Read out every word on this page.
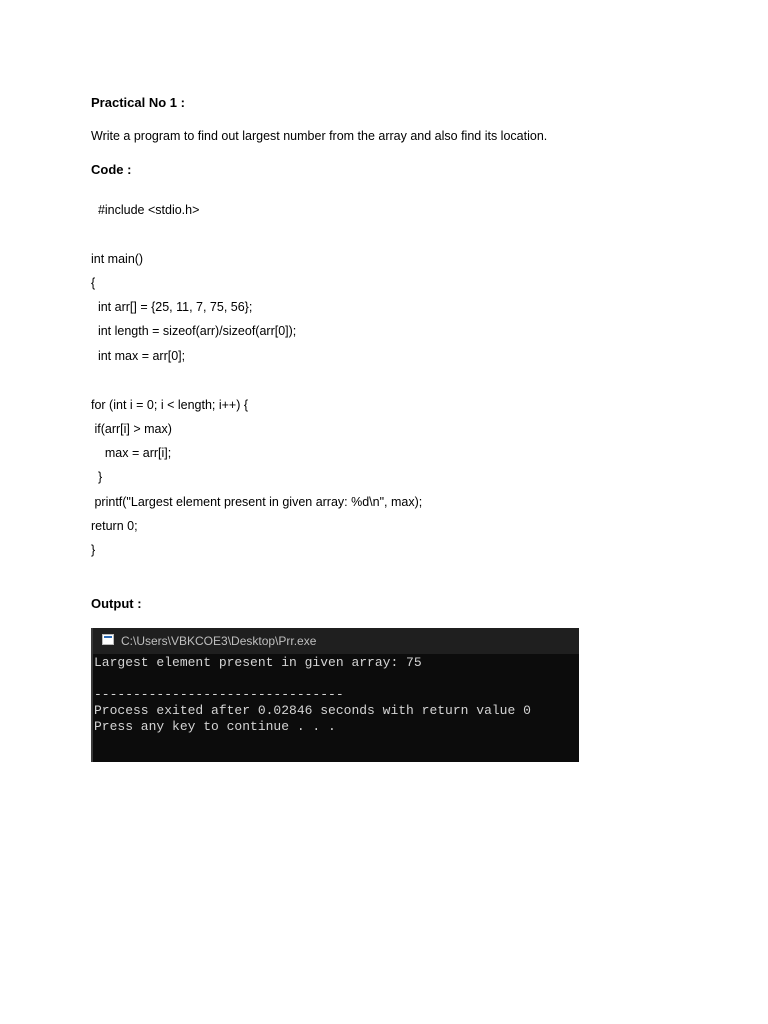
Practical No 1 :
Write a program to find out largest number from the array and also find its location.
Code :
#include <stdio.h>
int main()
{
int arr[] = {25, 11, 7, 75, 56};
int length = sizeof(arr)/sizeof(arr[0]);
int max = arr[0];
for (int i = 0; i < length; i++) {
if(arr[i] > max)
max = arr[i];
}
printf("Largest element present in given array: %d\n", max);
return 0;
}
Output :
C:\Users\VBKCOE3\Desktop\Prr.exe
Largest element present in given array: 75
--------------------------------
Process exited after 0.02846 seconds with return value 0
Press any key to continue . . .
